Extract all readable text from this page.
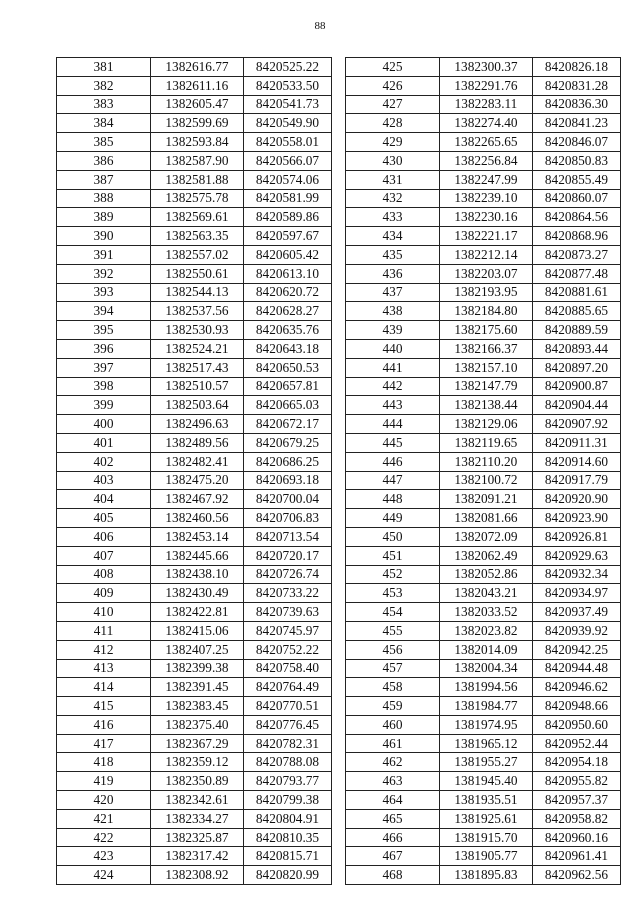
88
381	1382616.77	8420525.22
382	1382611.16	8420533.50
383	1382605.47	8420541.73
384	1382599.69	8420549.90
385	1382593.84	8420558.01
386	1382587.90	8420566.07
387	1382581.88	8420574.06
388	1382575.78	8420581.99
389	1382569.61	8420589.86
390	1382563.35	8420597.67
391	1382557.02	8420605.42
392	1382550.61	8420613.10
393	1382544.13	8420620.72
394	1382537.56	8420628.27
395	1382530.93	8420635.76
396	1382524.21	8420643.18
397	1382517.43	8420650.53
398	1382510.57	8420657.81
399	1382503.64	8420665.03
400	1382496.63	8420672.17
401	1382489.56	8420679.25
402	1382482.41	8420686.25
403	1382475.20	8420693.18
404	1382467.92	8420700.04
405	1382460.56	8420706.83
406	1382453.14	8420713.54
407	1382445.66	8420720.17
408	1382438.10	8420726.74
409	1382430.49	8420733.22
410	1382422.81	8420739.63
411	1382415.06	8420745.97
412	1382407.25	8420752.22
413	1382399.38	8420758.40
414	1382391.45	8420764.49
415	1382383.45	8420770.51
416	1382375.40	8420776.45
417	1382367.29	8420782.31
418	1382359.12	8420788.08
419	1382350.89	8420793.77
420	1382342.61	8420799.38
421	1382334.27	8420804.91
422	1382325.87	8420810.35
423	1382317.42	8420815.71
424	1382308.92	8420820.99
425	1382300.37	8420826.18
426	1382291.76	8420831.28
427	1382283.11	8420836.30
428	1382274.40	8420841.23
429	1382265.65	8420846.07
430	1382256.84	8420850.83
431	1382247.99	8420855.49
432	1382239.10	8420860.07
433	1382230.16	8420864.56
434	1382221.17	8420868.96
435	1382212.14	8420873.27
436	1382203.07	8420877.48
437	1382193.95	8420881.61
438	1382184.80	8420885.65
439	1382175.60	8420889.59
440	1382166.37	8420893.44
441	1382157.10	8420897.20
442	1382147.79	8420900.87
443	1382138.44	8420904.44
444	1382129.06	8420907.92
445	1382119.65	8420911.31
446	1382110.20	8420914.60
447	1382100.72	8420917.79
448	1382091.21	8420920.90
449	1382081.66	8420923.90
450	1382072.09	8420926.81
451	1382062.49	8420929.63
452	1382052.86	8420932.34
453	1382043.21	8420934.97
454	1382033.52	8420937.49
455	1382023.82	8420939.92
456	1382014.09	8420942.25
457	1382004.34	8420944.48
458	1381994.56	8420946.62
459	1381984.77	8420948.66
460	1381974.95	8420950.60
461	1381965.12	8420952.44
462	1381955.27	8420954.18
463	1381945.40	8420955.82
464	1381935.51	8420957.37
465	1381925.61	8420958.82
466	1381915.70	8420960.16
467	1381905.77	8420961.41
468	1381895.83	8420962.56
